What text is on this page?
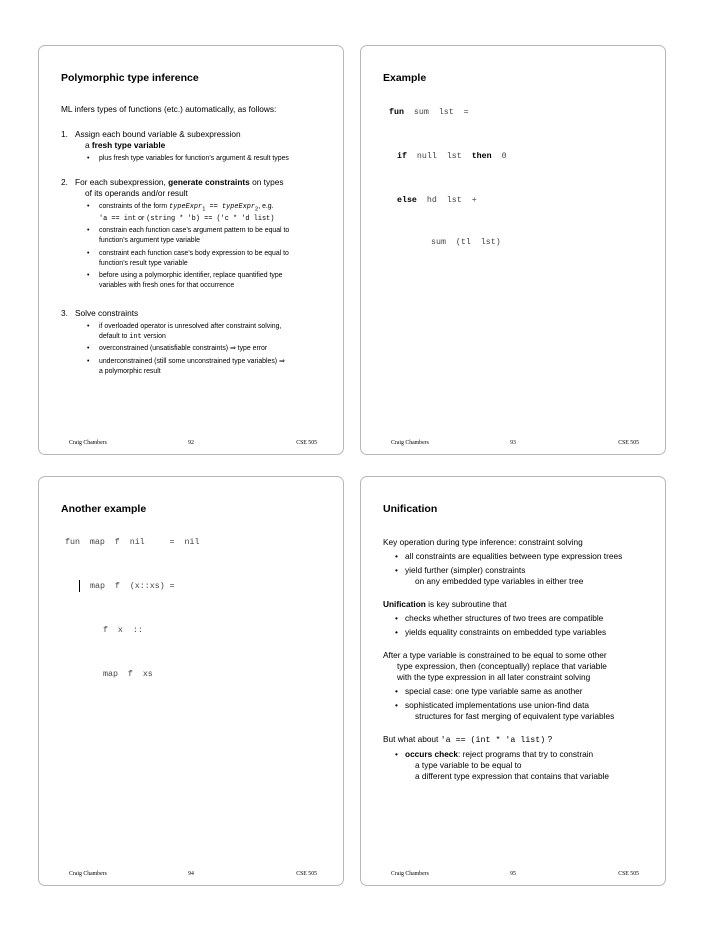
Polymorphic type inference
ML infers types of functions (etc.) automatically, as follows:
1. Assign each bound variable & subexpression
a fresh type variable
• plus fresh type variables for function’s argument & result types
2. For each subexpression, generate constraints on types
of its operands and/or result
• constraints of the form typeExpr$_1$ == typeExpr$_2$, e.g.
'a == int or (string * 'b) == ('c * 'd list)
• constrain each function case’s argument pattern to be equal to
function’s argument type variable
• constraint each function case’s body expression to be equal to
function’s result type variable
• before using a polymorphic identifier, replace quantified type
variables with fresh ones for that occurrence
3. Solve constraints
• if overloaded operator is unresolved after constraint solving,
default to int version
• overconstrained (unsatisfiable constraints) ⇒ type error
• underconstrained (still some unconstrained type variables) ⇒
a polymorphic result
Craig Chambers	92	CSE 505
Example
fun  sum  lst  =
if  null  lst  then  0
else  hd  lst  +
sum  (tl  lst)
Craig Chambers	93	CSE 505
Another example
fun  map  f  nil     =  nil
map  f  (x::xs) =
f  x  ::
map  f  xs
Craig Chambers	94	CSE 505
Unification

Key operation during type inference: constraint solving

• all constraints are equalities between type expression trees
• yield further (simpler) constraints
on any embedded type variables in either tree

Unification is key subroutine that

• checks whether structures of two trees are compatible
• yields equality constraints on embedded type variables

After a type variable is constrained to be equal to some other
type expression, then (conceptually) replace that variable
with the type expression in all later constraint solving

• special case: one type variable same as another
• sophisticated implementations use union-find data
structures for fast merging of equivalent type variables

But what about 'a == (int * 'a list) ?

• occurs check: reject programs that try to constrain
a type variable to be equal to
a different type expression that contains that variable
Craig Chambers	95	CSE 505
